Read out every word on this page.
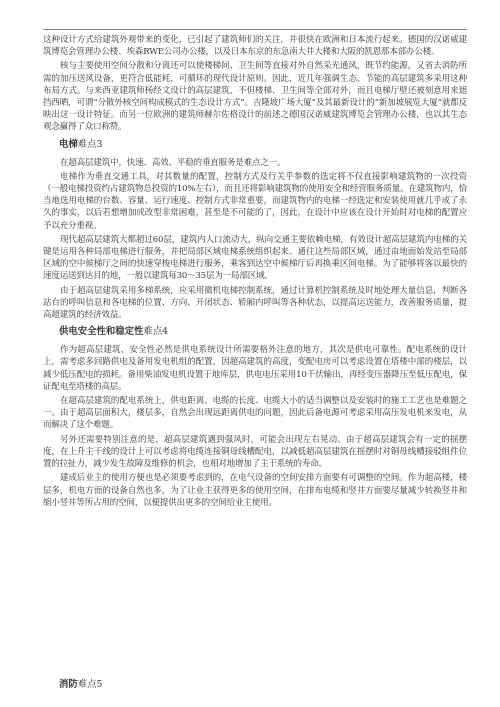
这种设计方式给建筑外观带来的变化，已引起了建筑师们的关注，并很快在欧洲和日本流行起来。德国的汉诺威建筑博览会管理办公楼、埃森RWE公司办公楼，以及日本东京的东急南大井大楼和大阪的凯恩那本部办公楼。

核与主要使用空间分散和分离还可以使楼梯间、卫生间等直接对外自然采光通风，既节约能源，又省去消防所需的加压送风设备，更符合低能耗，可循环的现代设计原则。因此，近几年强调生态、节能的高层建筑多采用这种布局方式。与来西亚建筑师杨经文设计的高层建筑，不但楼梯、卫生间等全部对外，而且电梯厅壁还被刻意用来遮挡西晒，可谓“分散外核空间构成模式的生态设计方式”。吉隆坡广场大厦”及其最新设计的“新加坡展览大厦”就都反映出这一设计特征。而另一位欧洲的建筑师赫尔佐格设计的前述之德国汉诺威建筑博览会管理办公楼，也以其生态观念赢得了众口称赞。

电梯难点3

在超高层建筑中，快速、高效、平稳的垂直服务是难点之一。

电梯作为垂直交通工具，对其数量的配置，控制方式及行关乎参数的选定将不仅直接影响建筑物的一次投资（一般电梯投资约占建筑物总投资的10%左右），而且还将影响建筑物的使用安全和经营服务质量。在建筑物内，恰当地选用电梯的台数、容量、运行速度、控制方式非常重要，而建筑物内的电梯一经选定和安装使用就几乎成了永久的事实，以后若想增加或改型非常困难，甚至是不可能的了，因此，在设计中应该在设计开始时对电梯的配置应予以充分重视。

现代超高层建筑大都超过60层，建筑内人口流动大，纵向交通主要依赖电梯，有效设计超高层建筑内电梯的关键是运用各种局部电梯进行服务，并把局部区域电梯系统组织起来。通往这些局部区域，通过由地面始发站至局部区域的空中候梯厅之间的快速穿梭电梯进行服务，乘客到达空中候梯厅后再换乘区间电梯。为了能够将客以最快的速度运送到达目的地，一般以建筑每30～35层为一局部区域。

由于超高层建筑采用多梯系统，应采用微机电梯控制系统，通过计算机控制系统及时地处理大量信息，判断各站台的呼叫信息和各电梯的位置、方向、开闭状态、轿厢内呼叫等各种状态，以提高运送能力，改善服务质量，提高超建筑的经济效益。

供电安全性和稳定性难点4

作为超高层建筑，安全性必然是供电系统设计所需要格外注意的地方，其次是供电可靠性。配电系统的设计上，需考虑多回路供电及备用发电机组的配置，因超高建筑的高度，变配电房可以考虑设置在塔楼中部的楼层，以减少低压配电的损耗。备用柴油发电机设置于地库层，供电电压采用10千伏输出，再经变压器降压至低压配电，保证配电至塔楼的高层。

在超高层建筑的配电系统上，供电距离、电缆的长度、电缆大小的适当调整以及安装时的施工工艺也是难题之一。由于超高层面积大，楼层多，自然会出现远距离供电的问题，因此后备电源可考虑采用高压发电机来发电，从而解决了这个难题。

另外还需要特别注意的是，超高层建筑遇到强风时，可能会出现左右晃动。由于超高层建筑会有一定的摇摆度，在上升主干线的设计上可以考虑将电缆连接铜母线槽配电，以减低超高层建筑在摇摆时对铜母线槽接驳组件位置的拉扯力，减少发生故障及维修的机会，也相对地增加了主干系统的寿命。

建成后业主的使用方便也是必须要考虑到的，在电气设备的空间安排方面要有可调整的空间。作为超高楼，楼层多，机电方面的设备自然也多，为了让业主获得更多的使用空间，在排布电缆和竖井方面要尽量减少转换竖井和缩小竖井等所占用的空间，以便提供出更多的空间给业主使用。

消防难点5
